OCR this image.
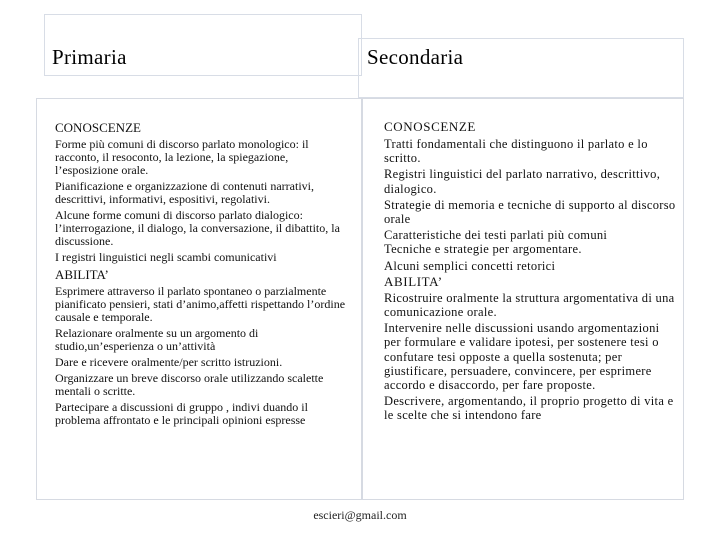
Primaria	Secondaria

CONOSCENZE

Forme più comuni di discorso parlato monologico: il racconto, il resoconto, la lezione, la spiegazione, l’esposizione orale.

Pianificazione e organizzazione di contenuti narrativi, descrittivi, informativi, espositivi, regolativi.

Alcune forme comuni di discorso parlato dialogico: l’interrogazione, il dialogo, la conversazione, il dibattito, la discussione.

I registri linguistici negli scambi comunicativi

ABILITA’

Esprimere attraverso il parlato spontaneo o parzialmente pianificato pensieri, stati d’animo,affetti rispettando l’ordine causale e temporale.

Relazionare oralmente su un argomento di studio,un’esperienza o un’attività

Dare e ricevere oralmente/per scritto istruzioni.

Organizzare un breve discorso orale utilizzando scalette mentali o scritte.

Partecipare a discussioni di gruppo , indivi duando il problema affrontato e le principali opinioni espresse

CONOSCENZE

Tratti fondamentali che distinguono il parlato e lo scritto.

Registri linguistici del parlato narrativo, descrittivo, dialogico.

Strategie di memoria e tecniche di supporto al discorso orale

Caratteristiche dei testi parlati più comuni

Tecniche e strategie per argomentare.

Alcuni semplici concetti retorici

ABILITA’

Ricostruire oralmente la struttura argomentativa di una comunicazione orale.

Intervenire nelle discussioni usando argomentazioni per formulare e validare ipotesi, per sostenere tesi o confutare tesi opposte a quella sostenuta; per giustificare, persuadere, convincere, per esprimere accordo e disaccordo, per fare proposte.

Descrivere, argomentando, il proprio progetto di vita e le scelte che si intendono fare

escieri@gmail.com
